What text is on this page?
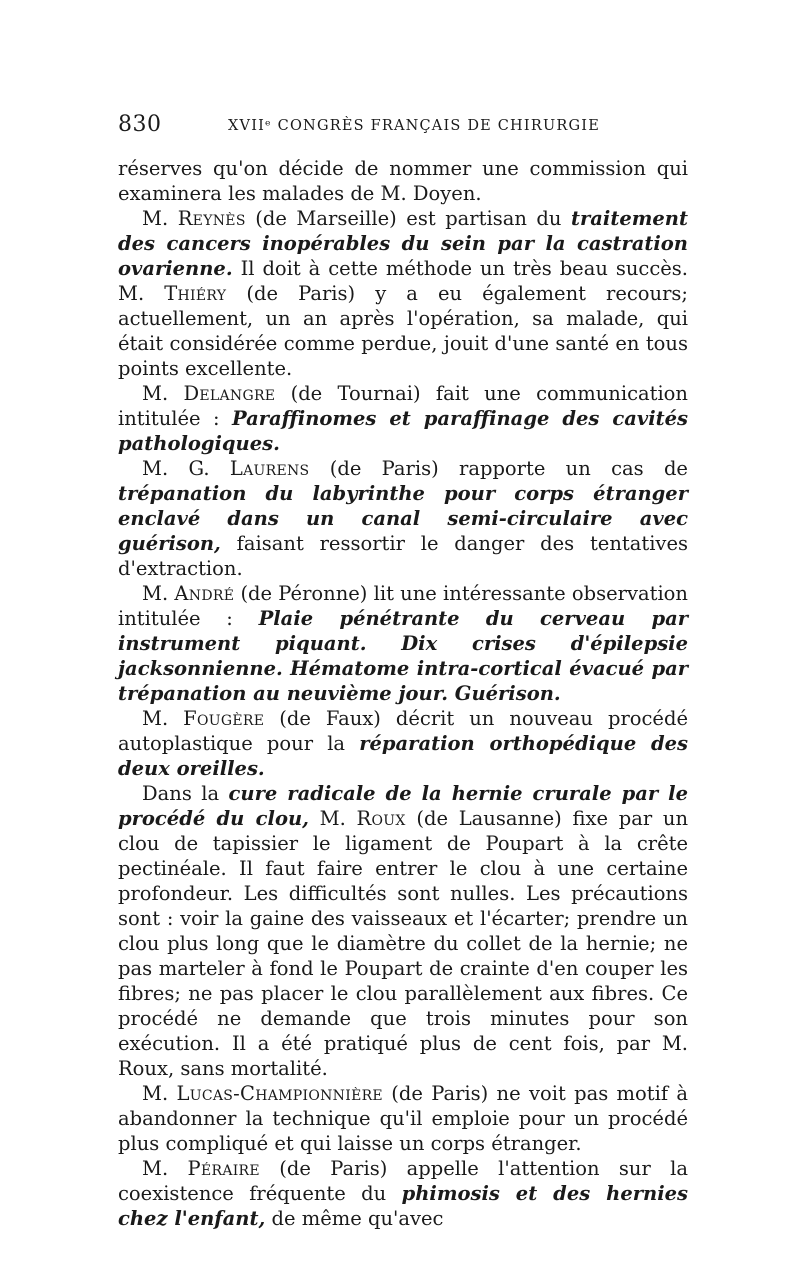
830	XVIIᵉ CONGRÈS FRANÇAIS DE CHIRURGIE

réserves qu'on décide de nommer une commission qui examinera les malades de M. Doyen.

M. Reynès (de Marseille) est partisan du traitement des cancers inopérables du sein par la castration ovarienne. Il doit à cette méthode un très beau succès. M. Thiéry (de Paris) y a eu également recours; actuellement, un an après l'opération, sa malade, qui était considérée comme perdue, jouit d'une santé en tous points excellente.

M. Delangre (de Tournai) fait une communication intitulée : Paraffinomes et paraffinage des cavités pathologiques.

M. G. Laurens (de Paris) rapporte un cas de trépanation du labyrinthe pour corps étranger enclavé dans un canal semi-circulaire avec guérison, faisant ressortir le danger des tentatives d'extraction.

M. André (de Péronne) lit une intéressante observation intitulée : Plaie pénétrante du cerveau par instrument piquant. Dix crises d'épilepsie jacksonnienne. Hématome intra-cortical évacué par trépanation au neuvième jour. Guérison.

M. Fougère (de Faux) décrit un nouveau procédé autoplastique pour la réparation orthopédique des deux oreilles.

Dans la cure radicale de la hernie crurale par le procédé du clou, M. Roux (de Lausanne) fixe par un clou de tapissier le ligament de Poupart à la crête pectinéale. Il faut faire entrer le clou à une certaine profondeur. Les difficultés sont nulles. Les précautions sont : voir la gaine des vaisseaux et l'écarter; prendre un clou plus long que le diamètre du collet de la hernie; ne pas marteler à fond le Poupart de crainte d'en couper les fibres; ne pas placer le clou parallèlement aux fibres. Ce procédé ne demande que trois minutes pour son exécution. Il a été pratiqué plus de cent fois, par M. Roux, sans mortalité.

M. Lucas-Championnière (de Paris) ne voit pas motif à abandonner la technique qu'il emploie pour un procédé plus compliqué et qui laisse un corps étranger.

M. Péraire (de Paris) appelle l'attention sur la coexistence fréquente du phimosis et des hernies chez l'enfant, de même qu'avec
